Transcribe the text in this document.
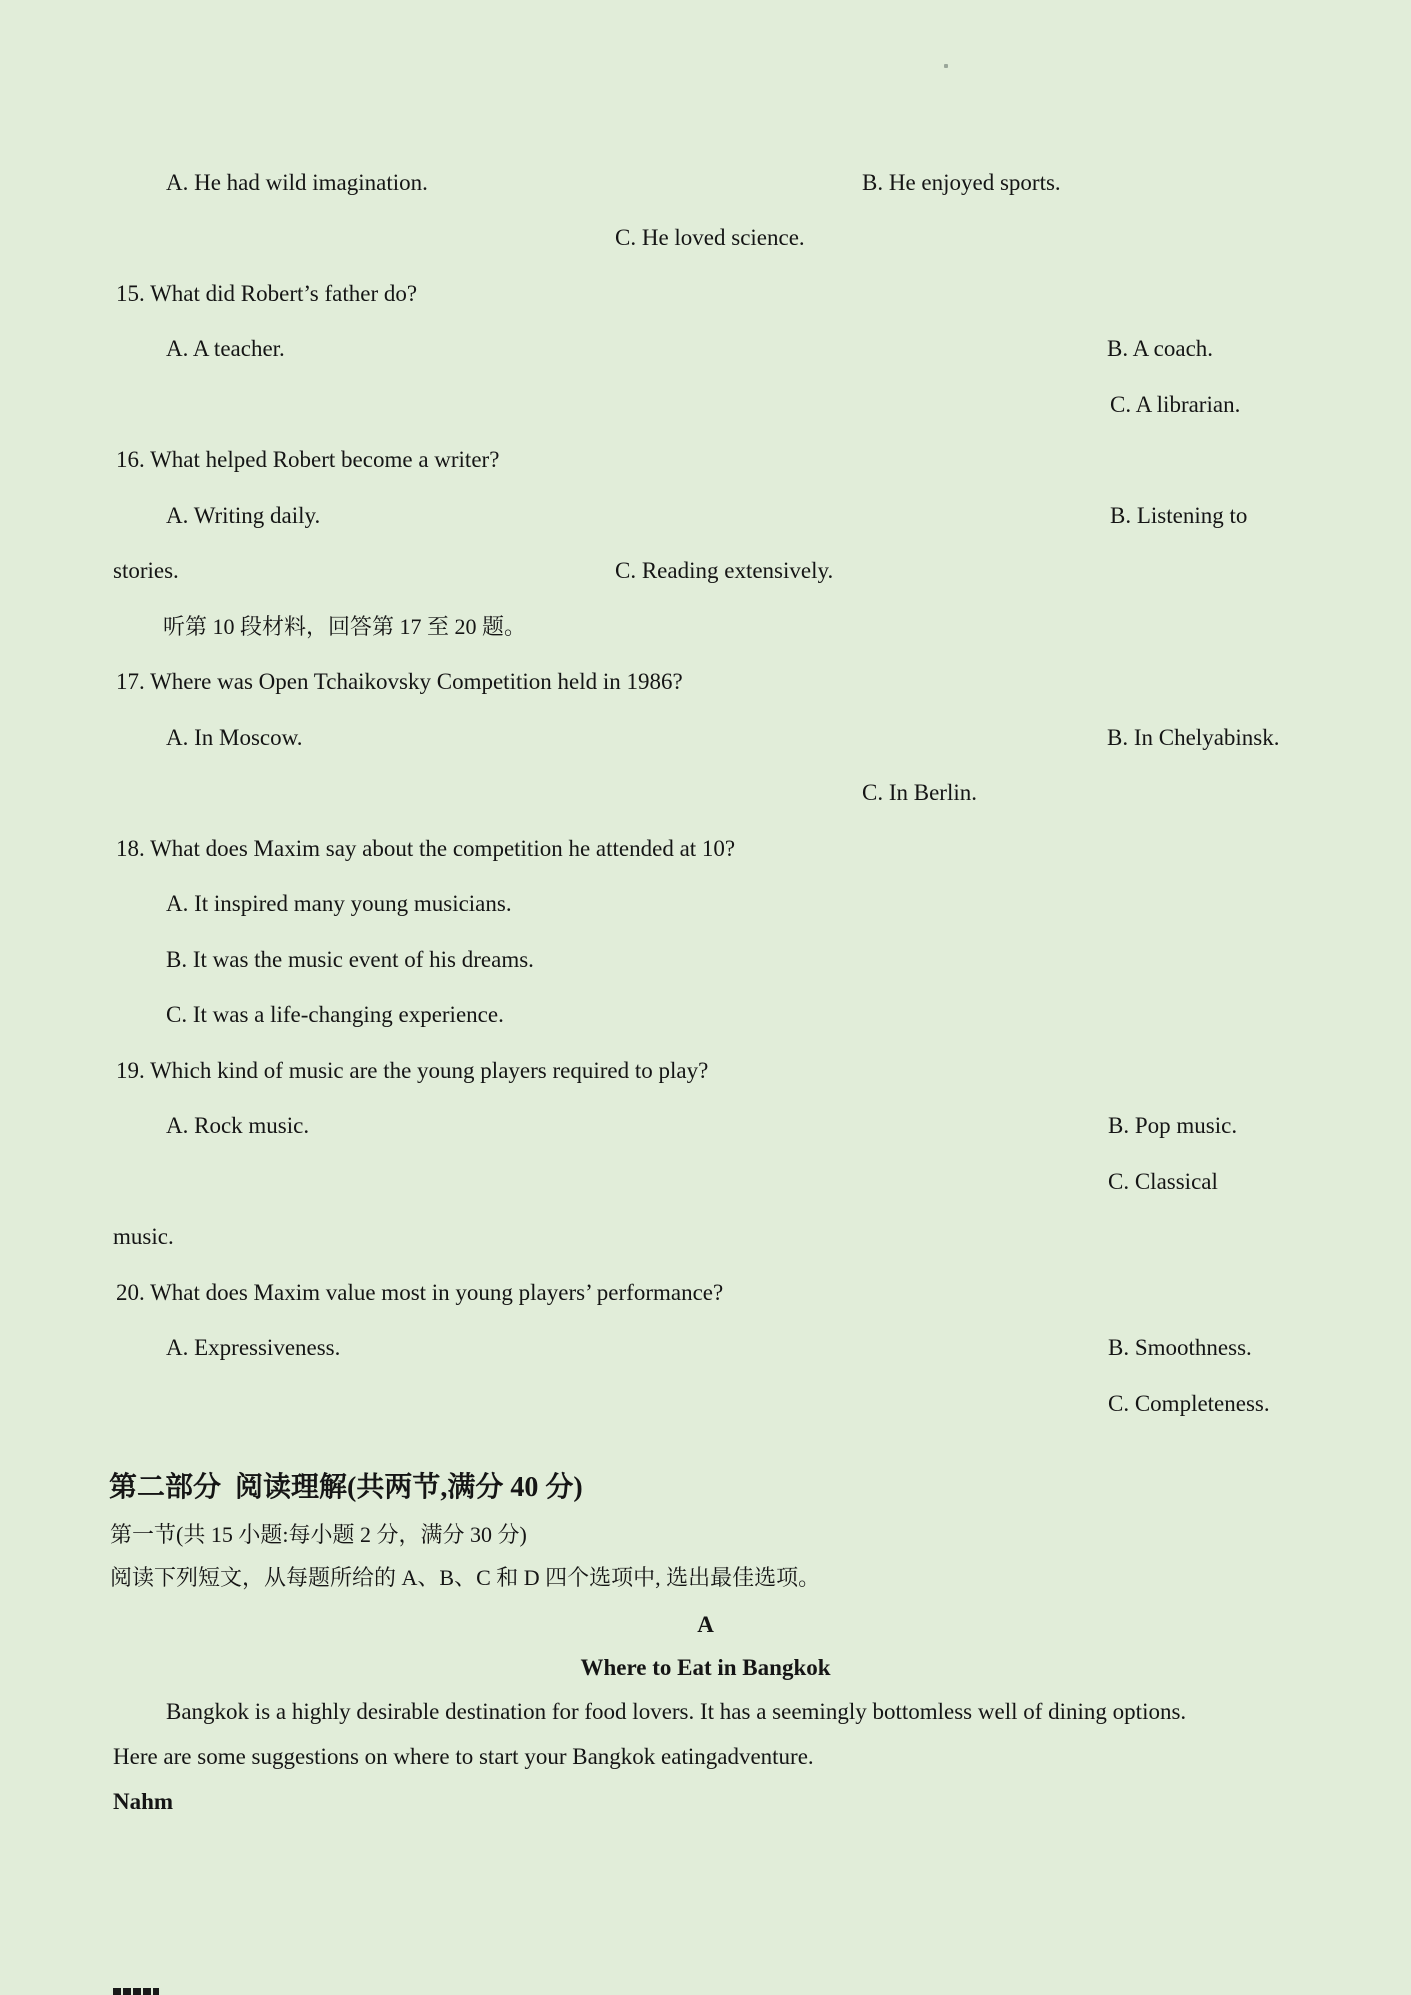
A. He had wild imagination.	B. He enjoyed sports.
C. He loved science.
15. What did Robert’s father do?
A. A teacher.	B. A coach.
C. A librarian.
16. What helped Robert become a writer?
A. Writing daily.	B. Listening to
stories.	C. Reading extensively.
听第 10 段材料，回答第 17 至 20 题。
17. Where was Open Tchaikovsky Competition held in 1986?
A. In Moscow.	B. In Chelyabinsk.
C. In Berlin.
18. What does Maxim say about the competition he attended at 10?
A. It inspired many young musicians.
B. It was the music event of his dreams.
C. It was a life-changing experience.
19. Which kind of music are the young players required to play?
A. Rock music.	B. Pop music.
C. Classical
music.
20. What does Maxim value most in young players’ performance?
A. Expressiveness.	B. Smoothness.
C. Completeness.
第二部分  阅读理解(共两节,满分 40 分)
第一节(共 15 小题:每小题 2 分，满分 30 分)
阅读下列短文，从每题所给的 A、B、C 和 D 四个选项中, 选出最佳选项。
A
Where to Eat in Bangkok
Bangkok is a highly desirable destination for food lovers. It has a seemingly bottomless well of dining options.
Here are some suggestions on where to start your Bangkok eatingadventure.
Nahm
